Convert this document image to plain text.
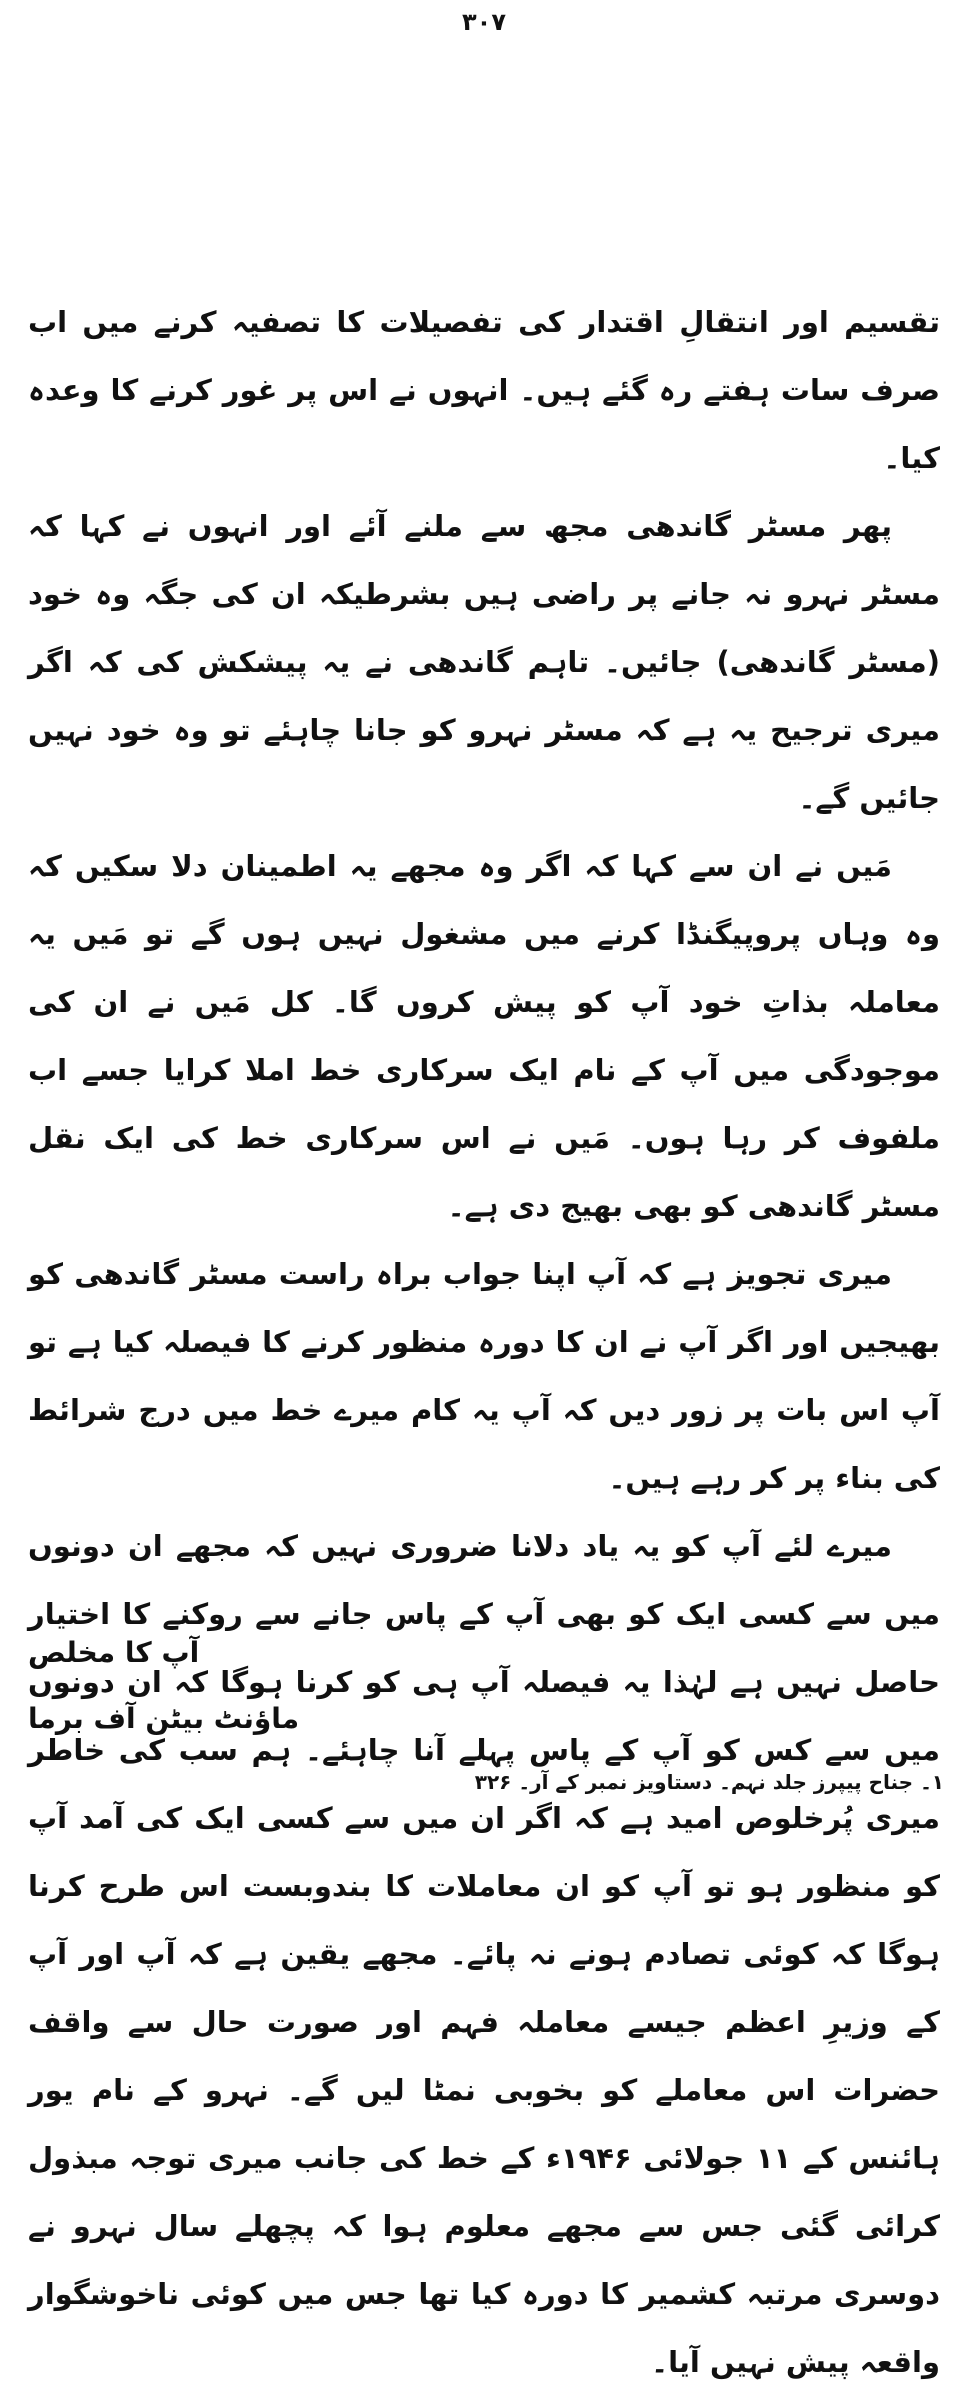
۳۰۷

تقسیم اور انتقالِ اقتدار کی تفصیلات کا تصفیہ کرنے میں اب صرف سات ہفتے رہ گئے ہیں۔ انہوں نے اس پر غور کرنے کا وعدہ کیا۔

پھر مسٹر گاندھی مجھ سے ملنے آئے اور انہوں نے کہا کہ مسٹر نہرو نہ جانے پر راضی ہیں بشرطیکہ ان کی جگہ وہ خود (مسٹر گاندھی) جائیں۔ تاہم گاندھی نے یہ پیشکش کی کہ اگر میری ترجیح یہ ہے کہ مسٹر نہرو کو جانا چاہئے تو وہ خود نہیں جائیں گے۔

مَیں نے ان سے کہا کہ اگر وہ مجھے یہ اطمینان دلا سکیں کہ وہ وہاں پروپیگنڈا کرنے میں مشغول نہیں ہوں گے تو مَیں یہ معاملہ بذاتِ خود آپ کو پیش کروں گا۔ کل مَیں نے ان کی موجودگی میں آپ کے نام ایک سرکاری خط املا کرایا جسے اب ملفوف کر رہا ہوں۔ مَیں نے اس سرکاری خط کی ایک نقل مسٹر گاندھی کو بھی بھیج دی ہے۔

میری تجویز ہے کہ آپ اپنا جواب براہ راست مسٹر گاندھی کو بھیجیں اور اگر آپ نے ان کا دورہ منظور کرنے کا فیصلہ کیا ہے تو آپ اس بات پر زور دیں کہ آپ یہ کام میرے خط میں درج شرائط کی بناء پر کر رہے ہیں۔

میرے لئے آپ کو یہ یاد دلانا ضروری نہیں کہ مجھے ان دونوں میں سے کسی ایک کو بھی آپ کے پاس جانے سے روکنے کا اختیار حاصل نہیں ہے لہٰذا یہ فیصلہ آپ ہی کو کرنا ہوگا کہ ان دونوں میں سے کس کو آپ کے پاس پہلے آنا چاہئے۔ ہم سب کی خاطر میری پُرخلوص امید ہے کہ اگر ان میں سے کسی ایک کی آمد آپ کو منظور ہو تو آپ کو ان معاملات کا بندوبست اس طرح کرنا ہوگا کہ کوئی تصادم ہونے نہ پائے۔ مجھے یقین ہے کہ آپ اور آپ کے وزیرِ اعظم جیسے معاملہ فہم اور صورت حال سے واقف حضرات اس معاملے کو بخوبی نمٹا لیں گے۔ نہرو کے نام یور ہائنس کے ۱۱ جولائی ۱۹۴۶ء کے خط کی جانب میری توجہ مبذول کرائی گئی جس سے مجھے معلوم ہوا کہ پچھلے سال نہرو نے دوسری مرتبہ کشمیر کا دورہ کیا تھا جس میں کوئی ناخوشگوار واقعہ پیش نہیں آیا۔

آپ کا مخلص
ماؤنٹ بیٹن آف برما
۱۔ جناح پیپرز جلد نہم۔ دستاویز نمبر کے آر۔ ۳۲۶
